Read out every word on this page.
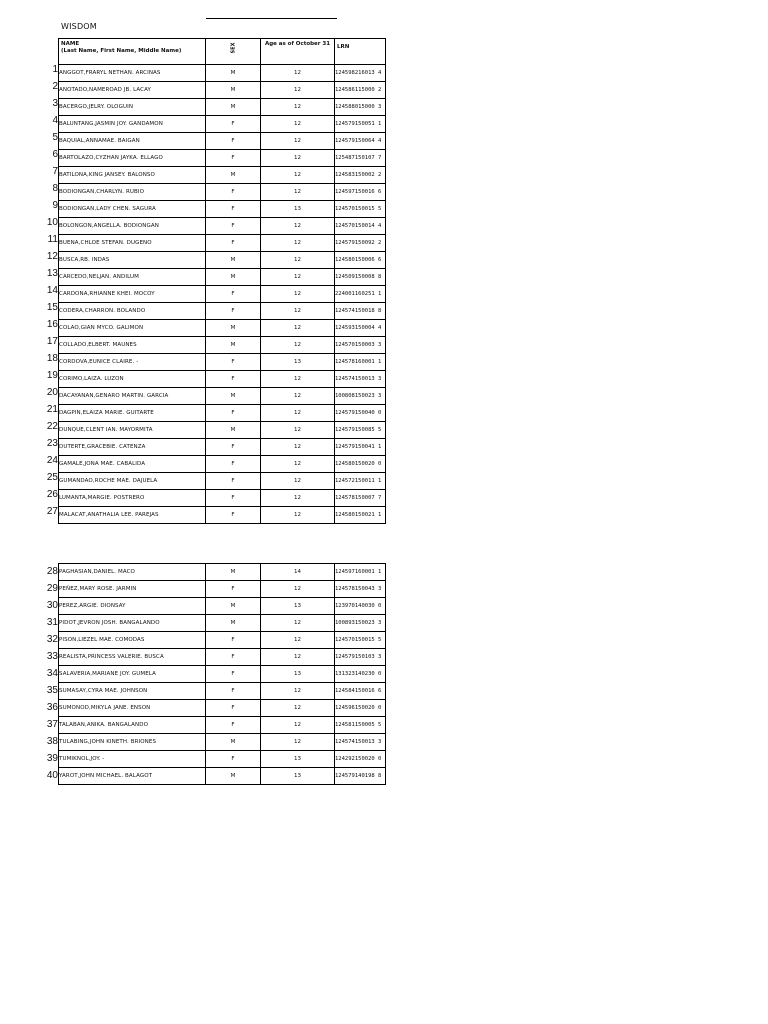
WISDOM
1
2
3
4
5
6
7
8
9
10
11
12
13
14
15
16
17
18
19
20
21
22
23
24
25
26
27
NAME
(Last Name, First Name, Middle Name)	SEX	Age as of October 31	LRN
ANGGOT,FRARYL NETHAN. ARCINAS	M	12	124598216013 4
ANOTADO,NAMEROAD JB. LACAY	M	12	124586115000 2
BACERGO,JELRY. OLOGUIN	M	12	124588015000 3
BALUNTANG,JASMIN JOY. GANDAMON	F	12	124579150051 1
BAQUIAL,ANNAMAE. BAIGAN	F	12	124579150064 4
BARTOLAZO,CYZHAN JAYKA. ELLAGO	F	12	125487150107 7
BATILONA,KING JANSEY. BALONSO	M	12	124583150002 2
BODIONGAN,CHARLYN. RUBIO	F	12	124597150016 6
BODIONGAN,LADY CHEN. SAGURA	F	13	124570150015 5
BOLONGON,ANGELLA. BODIONGAN	F	12	124570150014 4
BUENA,CHLOE STEFAN. DUGENO	F	12	124579150092 2
BUSCA,RB. INDAS	M	12	124580150006 6
CARCEDO,NELJAN. ANDILUM	M	12	124509150008 8
CARDONA,RHIANNE KHEI. MOCOY	F	12	224001160251 1
CODERA,CHARRON. BOLANDO	F	12	124574150018 8
COLAO,GIAN MYCO. GALIMON	M	12	124593150004 4
COLLADO,ELBERT. MAUNES	M	12	124570150003 3
CORDOVA,EUNICE CLAIRE. -	F	13	124578160001 1
CORIMO,LAIZA. LUZON	F	12	124574150013 3
DACAYANAN,GENARO MARTIN. GARCIA	M	12	100808150023 3
DAGPIN,ELAIZA MARIE. GUITARTE	F	12	124579150040 0
DUNQUE,CLENT IAN. MAYORMITA	M	12	124579150085 5
DUTERTE,GRACEBIE. CATENZA	F	12	124579150041 1
GAMALE,JONA MAE. CABALIDA	F	12	124580150020 0
GUMANDAO,ROCHE MAE. DAJUELA	F	12	124572150011 1
LUMANTA,MARGIE. POSTRERO	F	12	124578150007 7
MALACAT,ANATHALIA LEE. PAREJAS	F	12	124580150021 1
28
29
30
31
32
33
34
35
36
37
38
39
40
PAGHASIAN,DANIEL. MACO	M	14	124597160001 1
PEÑEZ,MARY ROSE. JARMIN	F	12	124578150043 3
PEREZ,ARGIE. DIONSAY	M	13	123970140030 0
PIDOT,JEVRON JOSH. BANGALANDO	M	12	100893150023 3
PISON,LIEZEL MAE. COMODAS	F	12	124570150015 5
REALISTA,PRINCESS VALERIE. BUSCA	F	12	124579150103 3
SALAVERIA,MARIANE JOY. GUMELA	F	13	131323140230 0
SUMASAY,CYRA MAE. JOHNSON	F	12	124584150016 6
SUMONOD,MIKYLA JANE. ENSON	F	12	124596150020 0
TALABAN,ANIKA. BANGALANDO	F	12	124581150005 5
TULABING,JOHN KINETH. BRIONES	M	12	124574150013 3
TUMIKNOL,JOY. -	F	13	124292150020 0
YAROT,JOHN MICHAEL. BALAGOT	M	13	124579140198 8
